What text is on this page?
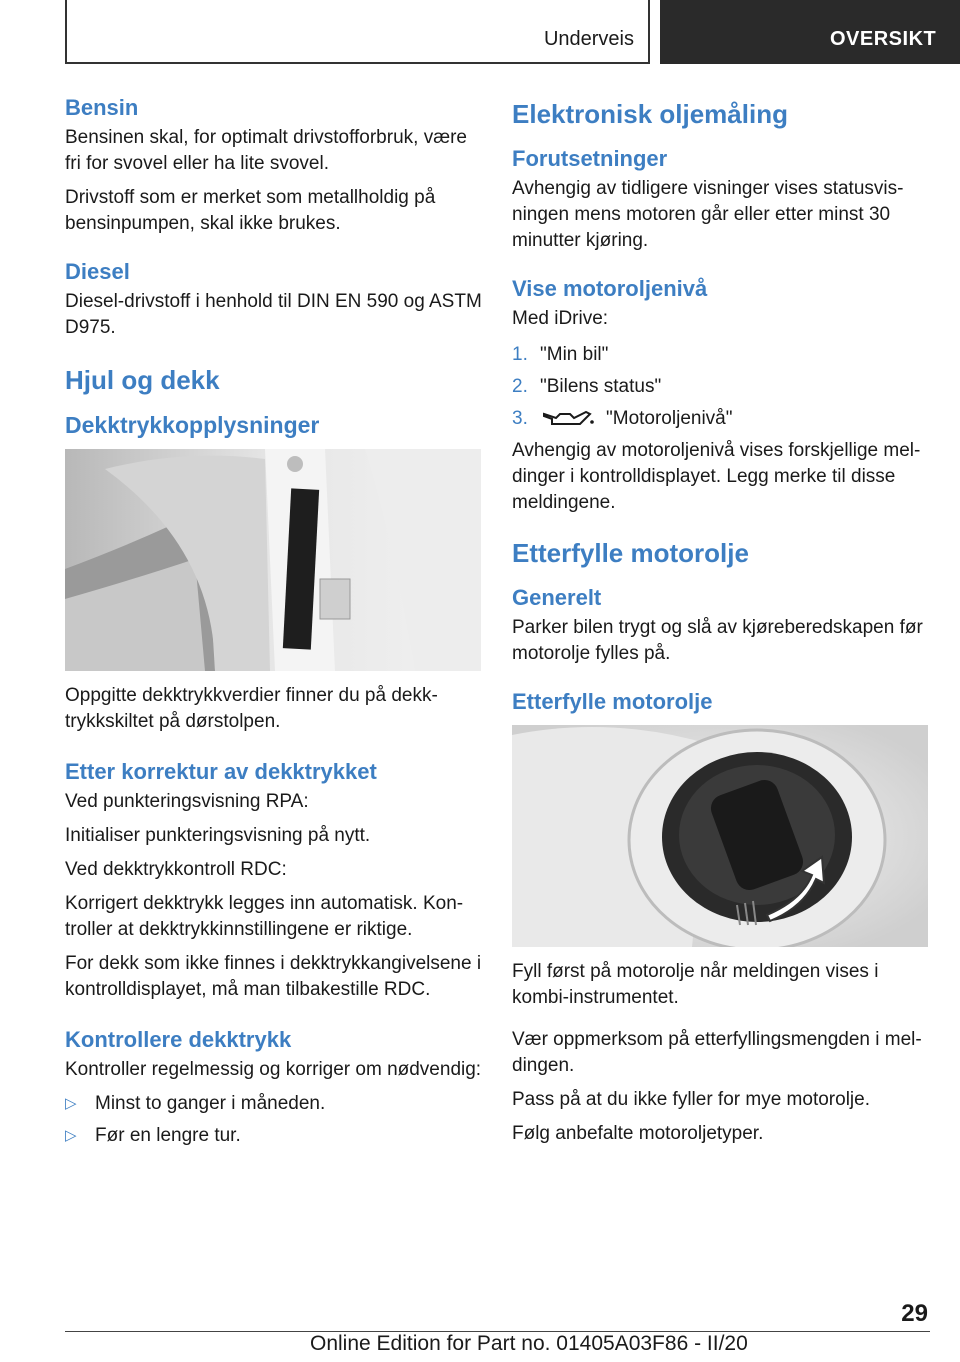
Underveis	OVERSIKT
Bensin

Bensinen skal, for optimalt drivstofforbruk, være fri for svovel eller ha lite svovel.

Drivstoff som er merket som metallholdig på bensinpumpen, skal ikke brukes.

Diesel

Diesel-drivstoff i henhold til DIN EN 590 og ASTM D975.

Hjul og dekk
Dekktrykkopplysninger

Oppgitte dekktrykkverdier finner du på dekktrykkskiltet på dørstolpen.

Etter korrektur av dekktrykket

Ved punkteringsvisning RPA:

Initialiser punkteringsvisning på nytt.

Ved dekktrykkontroll RDC:

Korrigert dekktrykk legges inn automatisk. Kontroller at dekktrykkinnstillingene er riktige.

For dekk som ikke finnes i dekktrykkangivelsene i kontrolldisplayet, må man tilbakestille RDC.

Kontrollere dekktrykk

Kontroller regelmessig og korriger om nødvendig:

▷ Minst to ganger i måneden.
▷ Før en lengre tur.
Elektronisk oljemåling
Forutsetninger

Avhengig av tidligere visninger vises statusvisningen mens motoren går eller etter minst 30 minutter kjøring.

Vise motoroljenivå

Med iDrive:

1. "Min bil"
2. "Bilens status"
3.	"Motoroljenivå"

Avhengig av motoroljenivå vises forskjellige meldinger i kontrolldisplayet. Legg merke til disse meldingene.

Etterfylle motorolje
Generelt

Parker bilen trygt og slå av kjøreberedskapen før motorolje fylles på.

Etterfylle motorolje

Fyll først på motorolje når meldingen vises i kombi-instrumentet.

Vær oppmerksom på etterfyllingsmengden i meldingen.

Pass på at du ikke fyller for mye motorolje.

Følg anbefalte motoroljetyper.

29
Online Edition for Part no. 01405A03F86 - II/20
